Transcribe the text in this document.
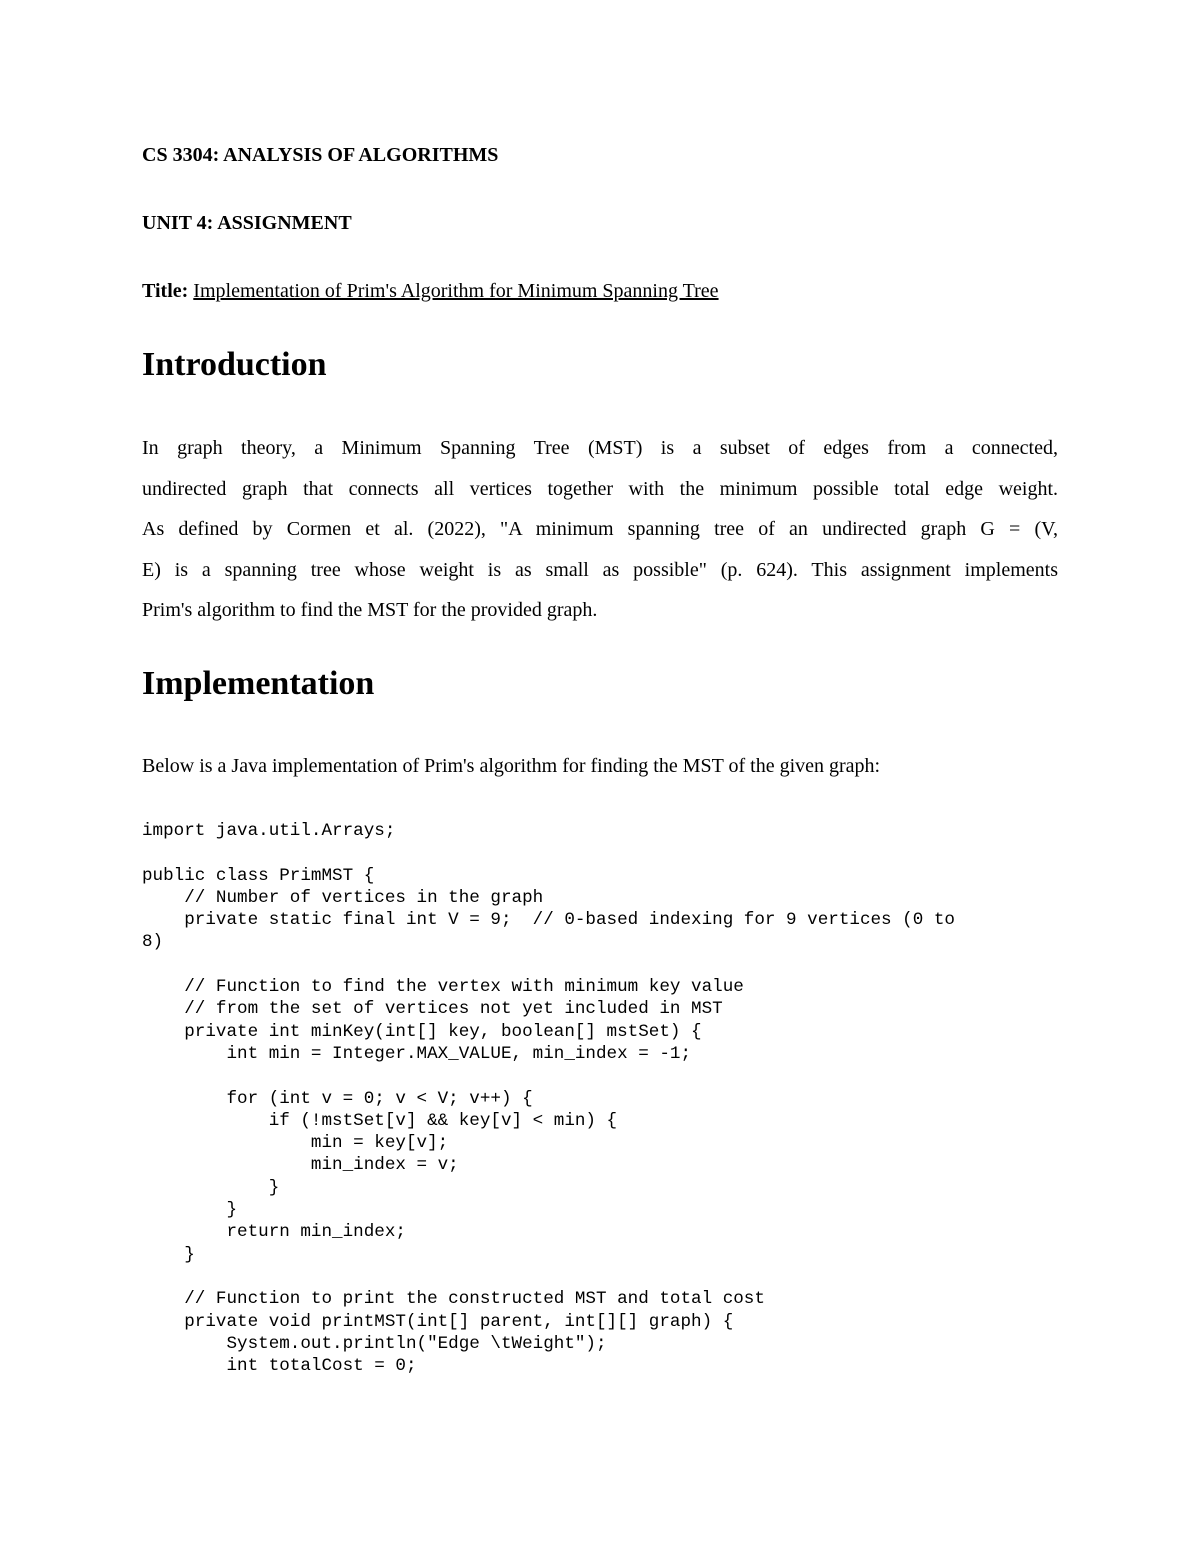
CS 3304: ANALYSIS OF ALGORITHMS
UNIT 4: ASSIGNMENT
Title: Implementation of Prim's Algorithm for Minimum Spanning Tree
Introduction
In graph theory, a Minimum Spanning Tree (MST) is a subset of edges from a connected,
undirected graph that connects all vertices together with the minimum possible total edge weight.
As defined by Cormen et al. (2022), "A minimum spanning tree of an undirected graph G = (V,
E) is a spanning tree whose weight is as small as possible" (p. 624). This assignment implements
Prim's algorithm to find the MST for the provided graph.
Implementation
Below is a Java implementation of Prim's algorithm for finding the MST of the given graph:
import java.util.Arrays;

public class PrimMST {
// Number of vertices in the graph
private static final int V = 9;  // 0-based indexing for 9 vertices (0 to
8)

// Function to find the vertex with minimum key value
// from the set of vertices not yet included in MST
private int minKey(int[] key, boolean[] mstSet) {
int min = Integer.MAX_VALUE, min_index = -1;

for (int v = 0; v < V; v++) {
if (!mstSet[v] && key[v] < min) {
min = key[v];
min_index = v;
}
}
return min_index;
}

// Function to print the constructed MST and total cost
private void printMST(int[] parent, int[][] graph) {
System.out.println("Edge \tWeight");
int totalCost = 0;
